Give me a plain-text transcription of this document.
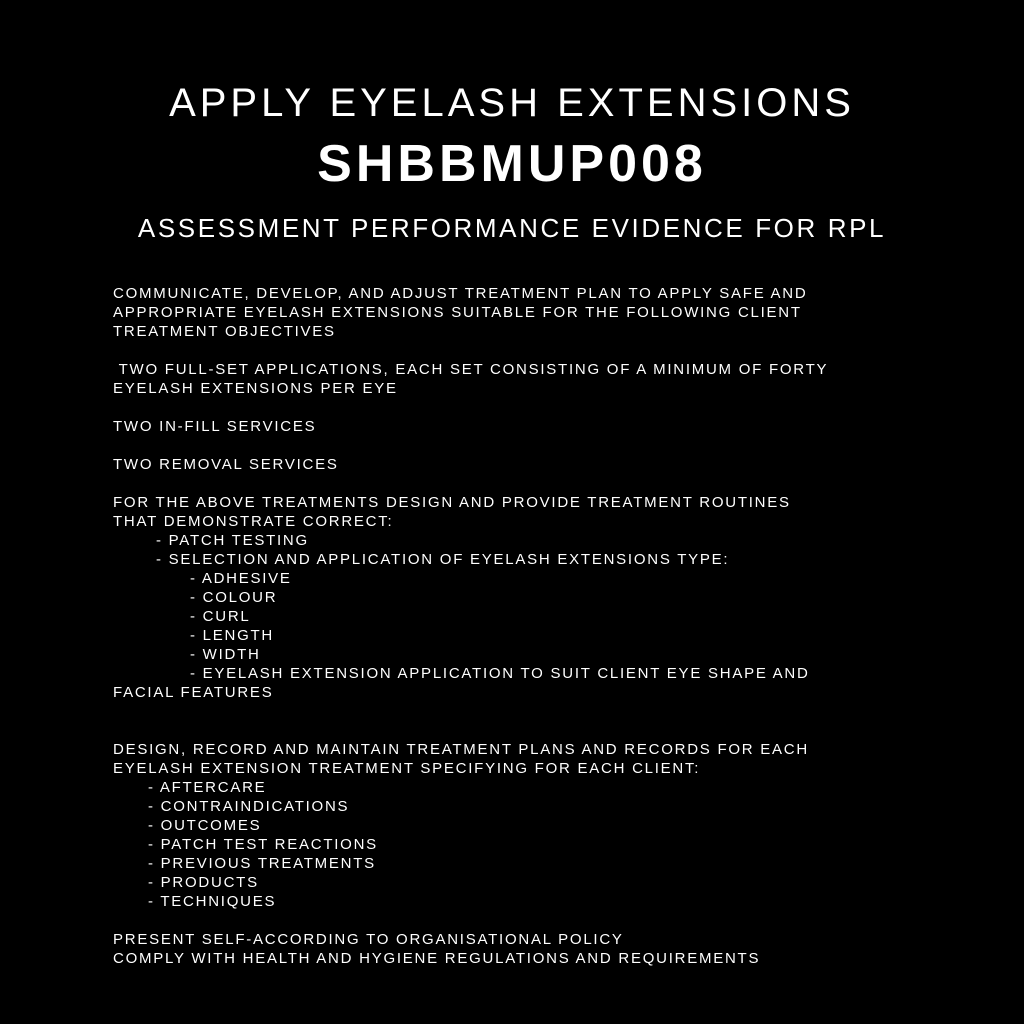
APPLY EYELASH EXTENSIONS
SHBBMUP008
ASSESSMENT PERFORMANCE EVIDENCE FOR RPL
COMMUNICATE, DEVELOP, AND ADJUST TREATMENT PLAN TO APPLY SAFE AND
APPROPRIATE EYELASH EXTENSIONS SUITABLE FOR THE FOLLOWING CLIENT
TREATMENT OBJECTIVES
TWO FULL-SET APPLICATIONS, EACH SET CONSISTING OF A MINIMUM OF FORTY
EYELASH EXTENSIONS PER EYE
TWO IN-FILL SERVICES
TWO REMOVAL SERVICES
FOR THE ABOVE TREATMENTS DESIGN AND PROVIDE TREATMENT ROUTINES
THAT DEMONSTRATE CORRECT:
- PATCH TESTING
- SELECTION AND APPLICATION OF EYELASH EXTENSIONS TYPE:
- ADHESIVE
- COLOUR
- CURL
- LENGTH
- WIDTH
- EYELASH EXTENSION APPLICATION TO SUIT CLIENT EYE SHAPE AND
FACIAL FEATURES
DESIGN, RECORD AND MAINTAIN TREATMENT PLANS AND RECORDS FOR EACH
EYELASH EXTENSION TREATMENT SPECIFYING FOR EACH CLIENT:
- AFTERCARE
- CONTRAINDICATIONS
- OUTCOMES
- PATCH TEST REACTIONS
- PREVIOUS TREATMENTS
- PRODUCTS
- TECHNIQUES
PRESENT SELF-ACCORDING TO ORGANISATIONAL POLICY
COMPLY WITH HEALTH AND HYGIENE REGULATIONS AND REQUIREMENTS
